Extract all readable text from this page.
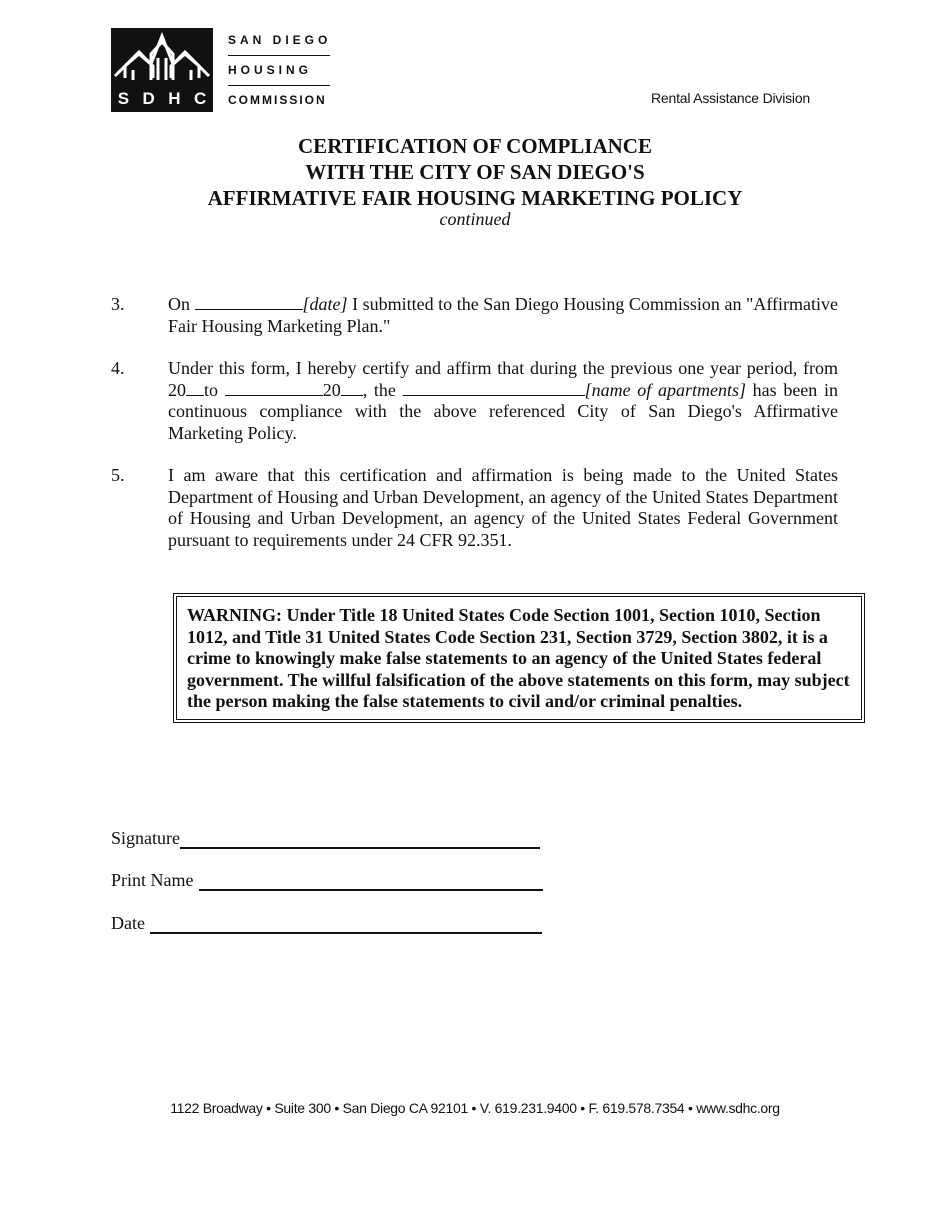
S D H C
SAN DIEGO
HOUSING
COMMISSION	Rental Assistance Division
CERTIFICATION OF COMPLIANCE
WITH THE CITY OF SAN DIEGO'S
AFFIRMATIVE FAIR HOUSING MARKETING POLICY
continued
3. On	[date] I submitted to the San Diego Housing Commission an "Affirmative Fair Housing Marketing Plan."
4. Under this form, I hereby certify and affirm that during the previous one year period, from 20 to	20 , the	[name of apartments] has been in continuous compliance with the above referenced City of San Diego's Affirmative Marketing Policy.
5. I am aware that this certification and affirmation is being made to the United States Department of Housing and Urban Development, an agency of the United States Department of Housing and Urban Development, an agency of the United States Federal Government pursuant to requirements under 24 CFR 92.351.
WARNING: Under Title 18 United States Code Section 1001, Section 1010, Section 1012, and Title 31 United States Code Section 231, Section 3729, Section 3802, it is a crime to knowingly make false statements to an agency of the United States federal government. The willful falsification of the above statements on this form, may subject the person making the false statements to civil and/or criminal penalties.
Signature
Print Name
Date
1122 Broadway • Suite 300 • San Diego CA 92101 • V. 619.231.9400 • F. 619.578.7354 • www.sdhc.org
